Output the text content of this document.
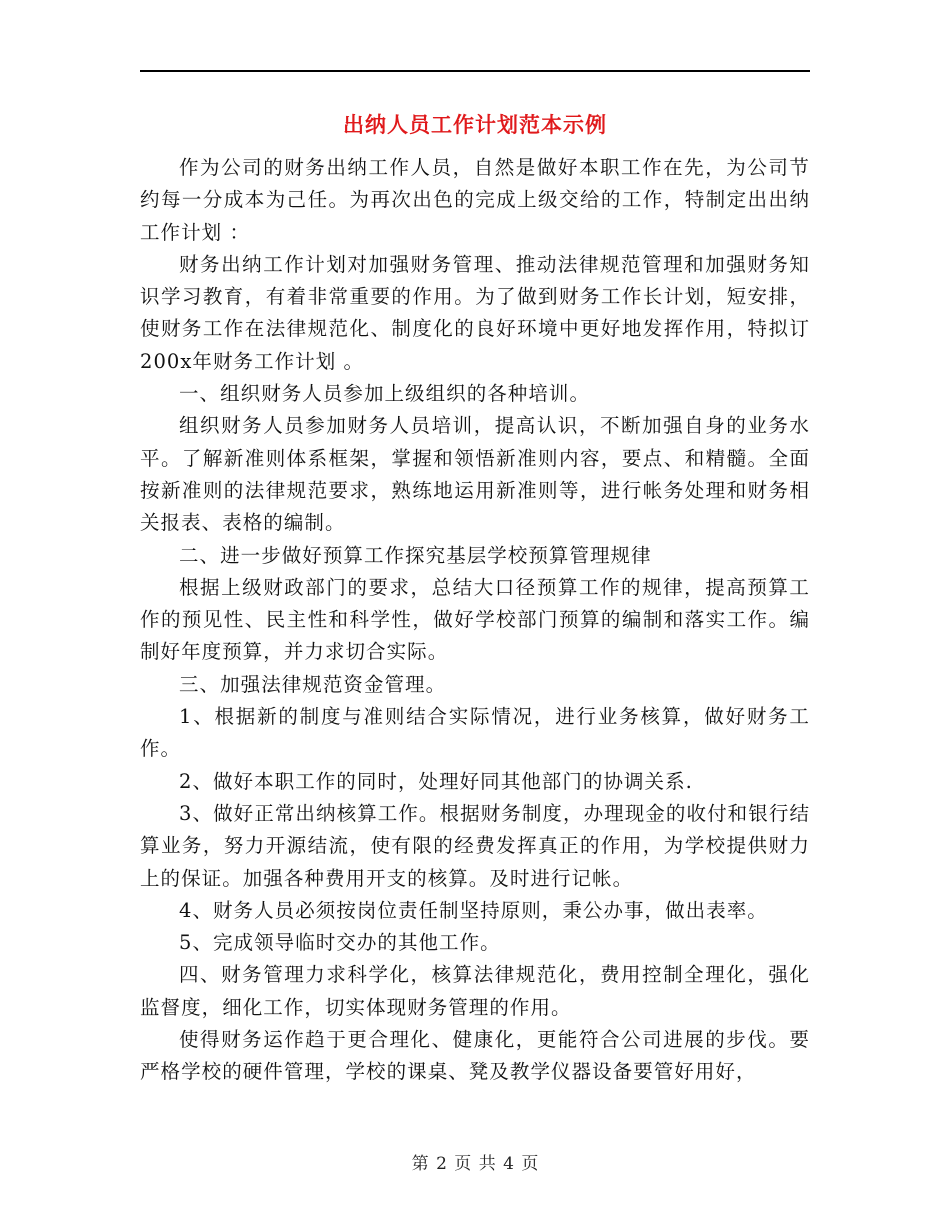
出纳人员工作计划范本示例

作为公司的财务出纳工作人员，自然是做好本职工作在先，为公司节约每一分成本为己任。为再次出色的完成上级交给的工作，特制定出出纳工作计划 ：

财务出纳工作计划对加强财务管理、推动法律规范管理和加强财务知识学习教育，有着非常重要的作用。为了做到财务工作长计划，短安排，使财务工作在法律规范化、制度化的良好环境中更好地发挥作用，特拟订200x年财务工作计划 。

一、组织财务人员参加上级组织的各种培训。

组织财务人员参加财务人员培训，提高认识，不断加强自身的业务水平。了解新准则体系框架，掌握和领悟新准则内容，要点、和精髓。全面按新准则的法律规范要求，熟练地运用新准则等，进行帐务处理和财务相关报表、表格的编制。

二、进一步做好预算工作探究基层学校预算管理规律

根据上级财政部门的要求，总结大口径预算工作的规律，提高预算工作的预见性、民主性和科学性，做好学校部门预算的编制和落实工作。编制好年度预算，并力求切合实际。

三、加强法律规范资金管理。

1、根据新的制度与准则结合实际情况，进行业务核算，做好财务工作。

2、做好本职工作的同时，处理好同其他部门的协调关系.

3、做好正常出纳核算工作。根据财务制度，办理现金的收付和银行结算业务，努力开源结流，使有限的经费发挥真正的作用，为学校提供财力上的保证。加强各种费用开支的核算。及时进行记帐。

4、财务人员必须按岗位责任制坚持原则，秉公办事，做出表率。

5、完成领导临时交办的其他工作。

四、财务管理力求科学化，核算法律规范化，费用控制全理化，强化监督度，细化工作，切实体现财务管理的作用。

使得财务运作趋于更合理化、健康化，更能符合公司进展的步伐。要严格学校的硬件管理，学校的课桌、凳及教学仪器设备要管好用好，

第 2 页 共 4 页
